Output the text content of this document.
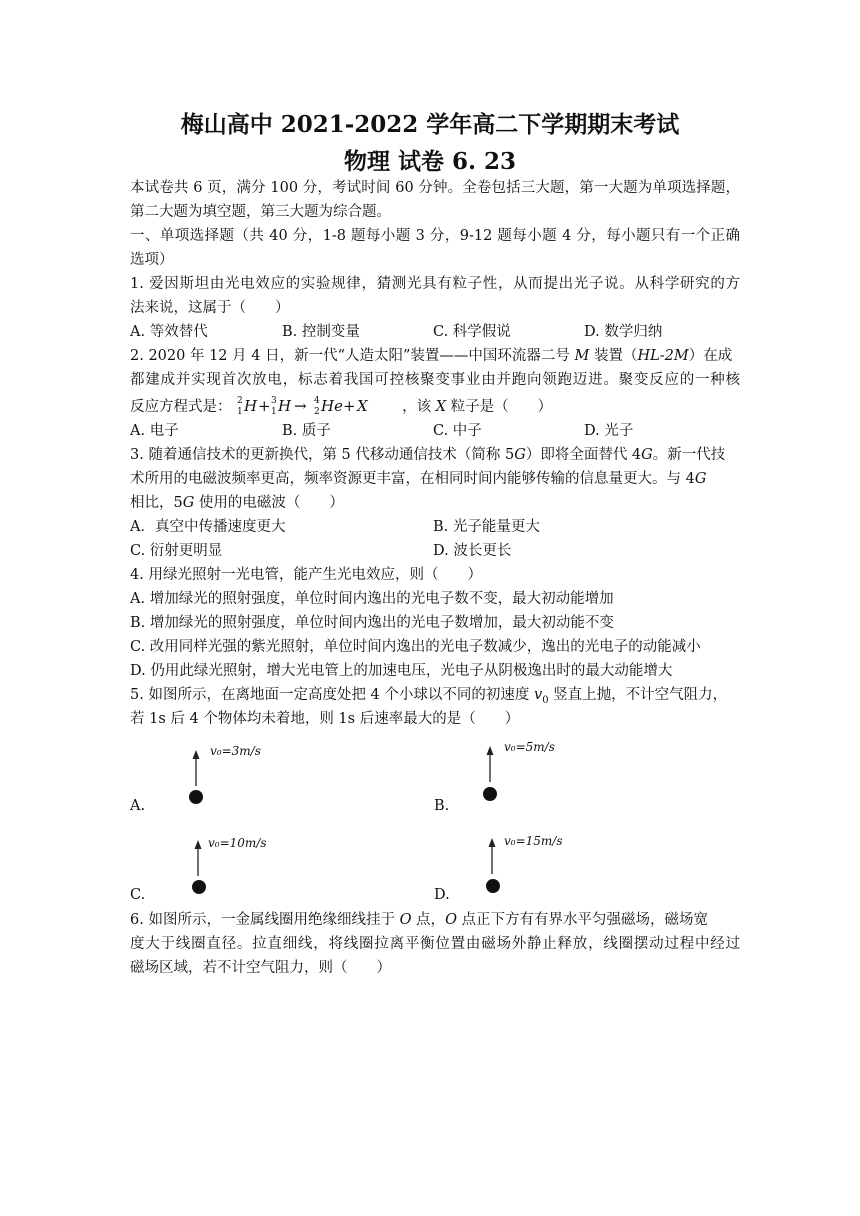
梅山高中 2021-2022 学年高二下学期期末考试
物理 试卷 6. 23
本试卷共 6 页，满分 100 分，考试时间 60 分钟。全卷包括三大题，第一大题为单项选择题，
第二大题为填空题，第三大题为综合题。
一、单项选择题（共 40 分，1-8 题每小题 3 分，9-12 题每小题 4 分，每小题只有一个正确
选项）
1. 爱因斯坦由光电效应的实验规律，猜测光具有粒子性，从而提出光子说。从科学研究的方
法来说，这属于（　　）
A. 等效替代	B. 控制变量	C. 科学假说	D. 数学归纳
2. 2020 年 12 月 4 日，新一代“人造太阳”装置——中国环流器二号 M 装置（HL-2M）在成
都建成并实现首次放电，标志着我国可控核聚变事业由并跑向领跑迈进。聚变反应的一种核
反应方程式是： 2
1 H + 3
1 H → 4
2 He + X ，该 X 粒子是（　　）
A. 电子	B. 质子	C. 中子	D. 光子
3. 随着通信技术的更新换代，第 5 代移动通信技术（简称 5G）即将全面替代 4G。新一代技
术所用的电磁波频率更高，频率资源更丰富，在相同时间内能够传输的信息量更大。与 4G
相比，5G 使用的电磁波（　　）
A．真空中传播速度更大	B. 光子能量更大
C. 衍射更明显	D. 波长更长
4. 用绿光照射一光电管，能产生光电效应，则（　　）
A. 增加绿光的照射强度，单位时间内逸出的光电子数不变，最大初动能增加
B. 增加绿光的照射强度，单位时间内逸出的光电子数增加，最大初动能不变
C. 改用同样光强的紫光照射，单位时间内逸出的光电子数减少，逸出的光电子的动能减小
D. 仍用此绿光照射，增大光电管上的加速电压，光电子从阴极逸出时的最大动能增大
5. 如图所示，在离地面一定高度处把 4 个小球以不同的初速度 $v_0$ 竖直上抛，不计空气阻力，
若 1s 后 4 个物体均未着地，则 1s 后速率最大的是（　　）
A.
v₀=3m/s
B.
v₀=5m/s
C.
v₀=10m/s
D.
v₀=15m/s
6. 如图所示，一金属线圈用绝缘细线挂于 O 点，O 点正下方有有界水平匀强磁场，磁场宽
度大于线圈直径。拉直细线，将线圈拉离平衡位置由磁场外静止释放，线圈摆动过程中经过
磁场区域，若不计空气阻力，则（　　）
